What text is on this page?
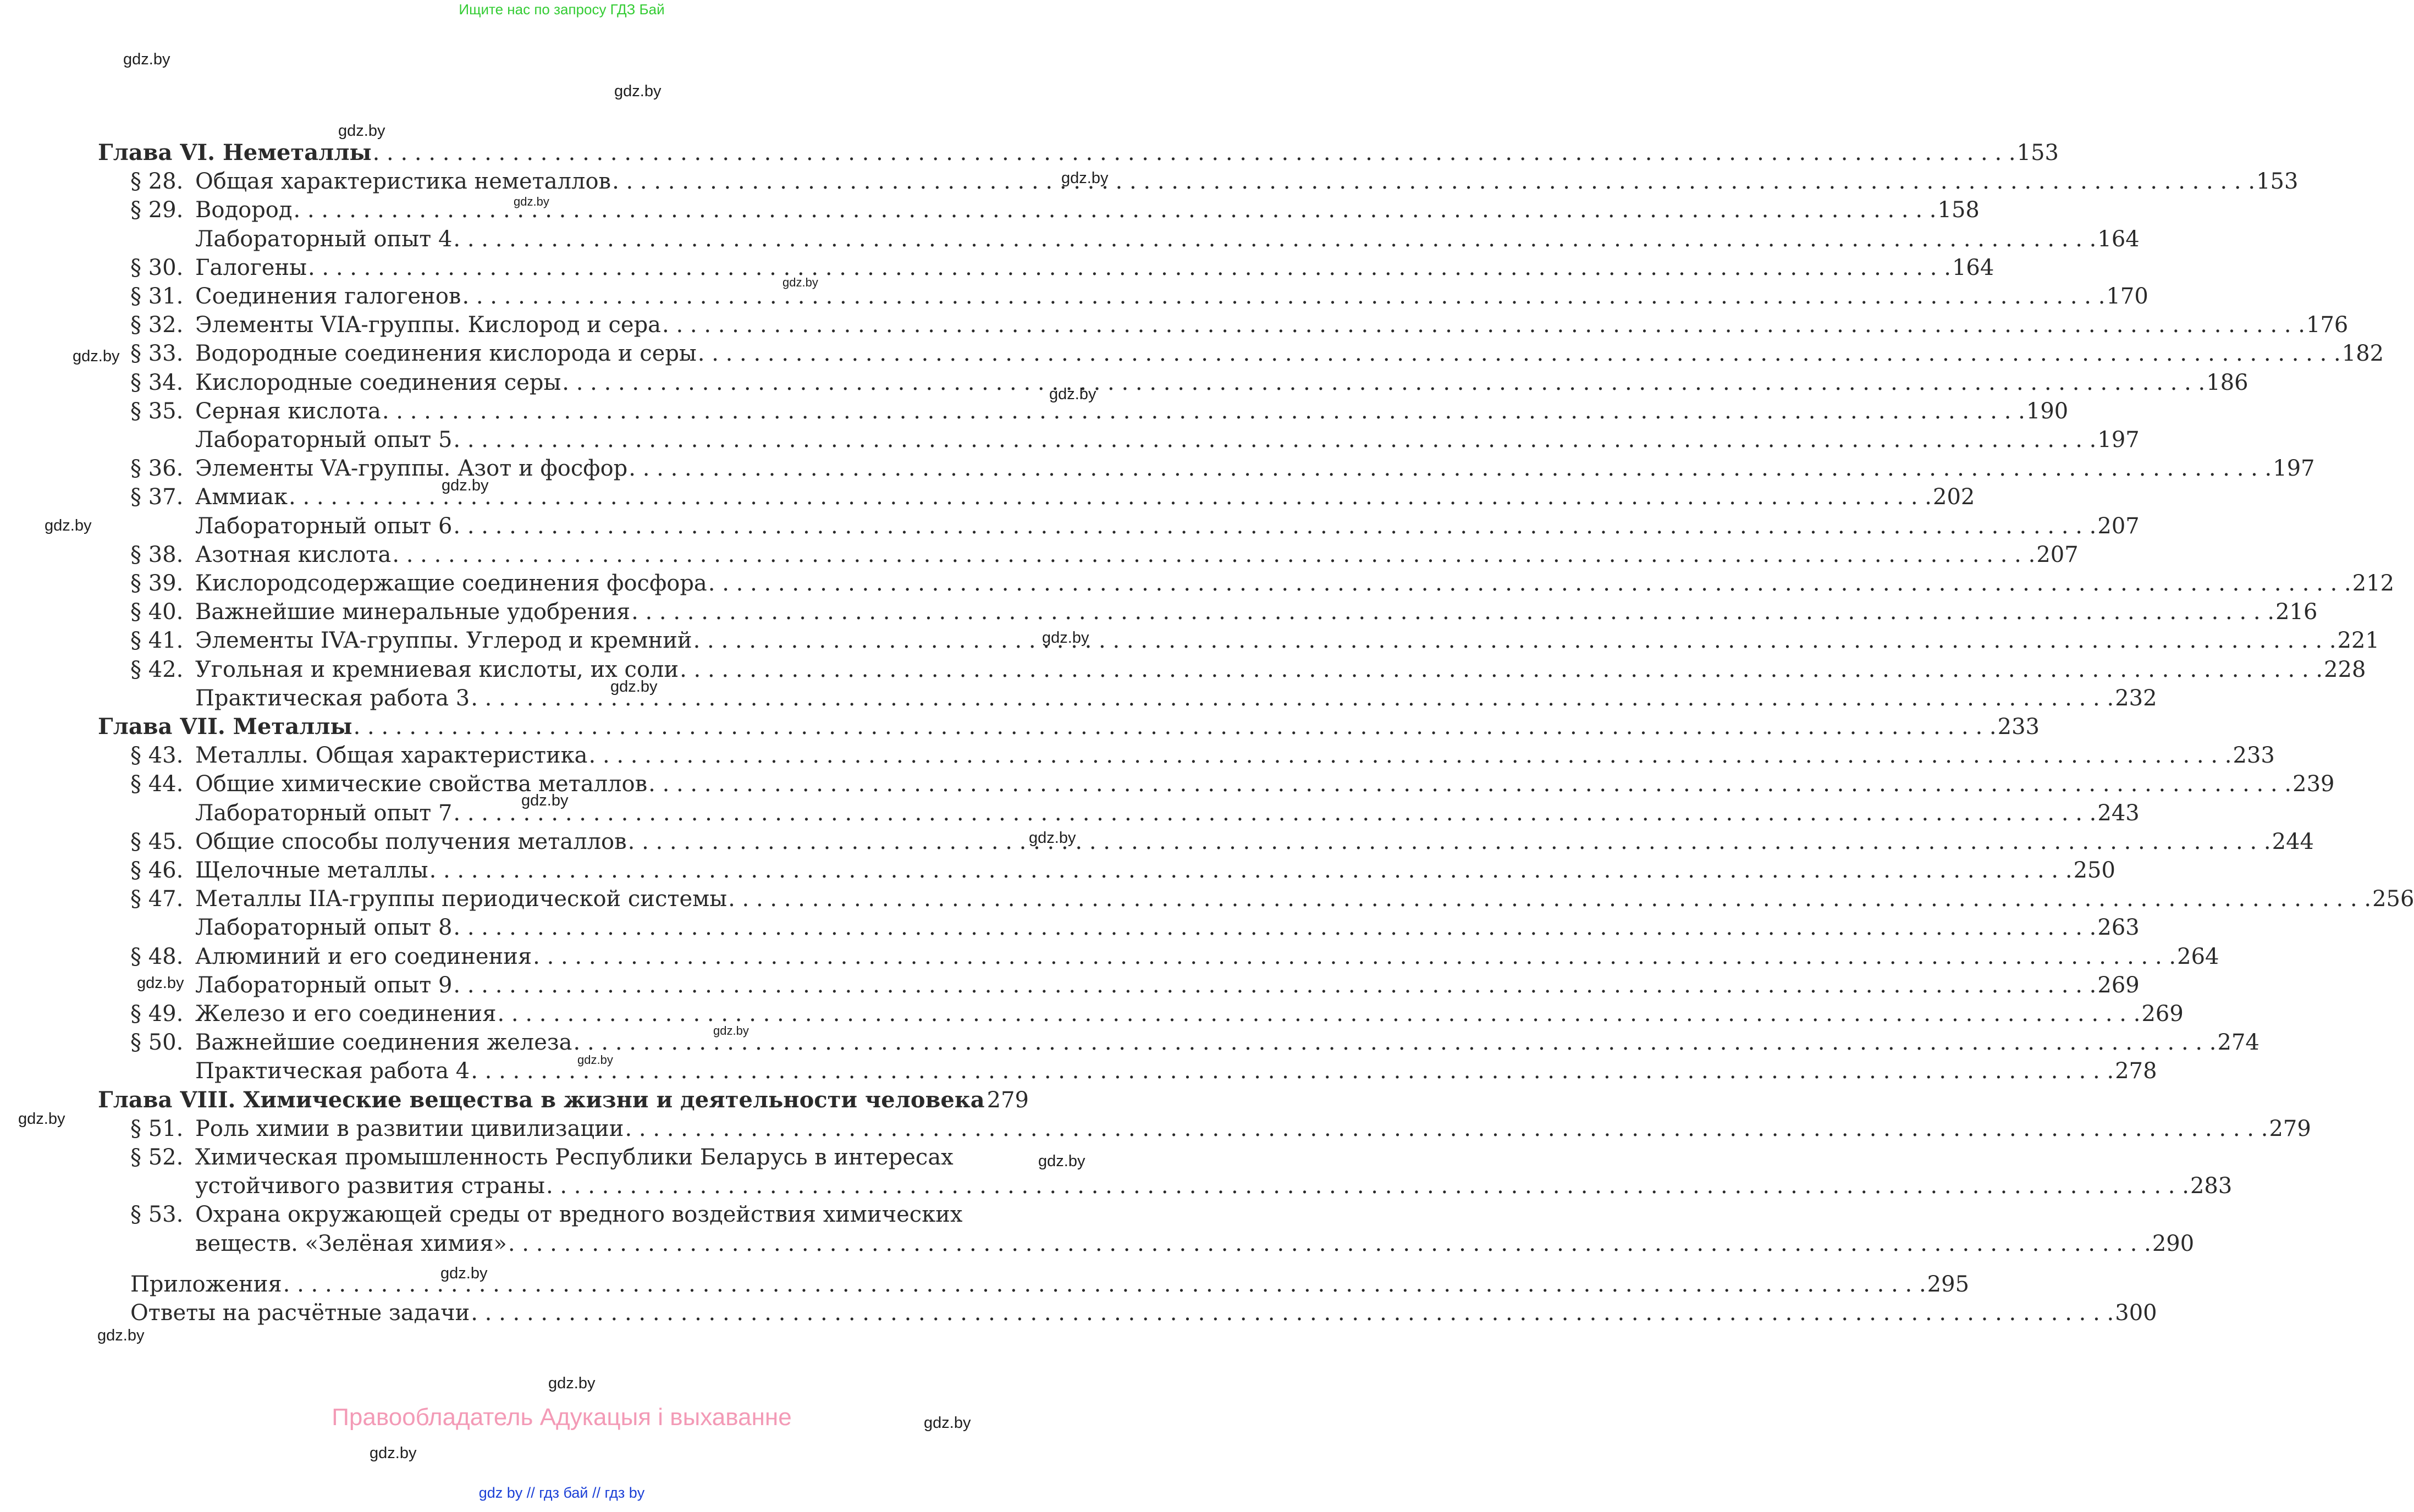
Ищите нас по запросу ГДЗ Бай
gdz.by
gdz.by
gdz.by
gdz.by
gdz.by
gdz.by
gdz.by
gdz.by
gdz.by
gdz.by
gdz.by
gdz.by
gdz.by
gdz.by
gdz.by
gdz.by
gdz.by
gdz.by
gdz.by
gdz.by
gdz.by
gdz.by
gdz.by
gdz.by
Глава VI. Неметаллы . . .	153
§ 28. Общая характеристика неметаллов . . .	153
§ 29. Водород . . .	158
Лабораторный опыт 4 . . .	164
§ 30. Галогены . . .	164
§ 31. Соединения галогенов . . .	170
§ 32. Элементы VIA-группы. Кислород и сера . . .	176
§ 33. Водородные соединения кислорода и серы . . .	182
§ 34. Кислородные соединения серы . . .	186
§ 35. Серная кислота . . .	190
Лабораторный опыт 5 . . .	197
§ 36. Элементы VA-группы. Азот и фосфор . . .	197
§ 37. Аммиак . . .	202
Лабораторный опыт 6 . . .	207
§ 38. Азотная кислота . . .	207
§ 39. Кислородсодержащие соединения фосфора . . .	212
§ 40. Важнейшие минеральные удобрения . . .	216
§ 41. Элементы IVA-группы. Углерод и кремний . . .	221
§ 42. Угольная и кремниевая кислоты, их соли . . .	228
Практическая работа 3 . . .	232
Глава VII. Металлы . . .	233
§ 43. Металлы. Общая характеристика . . .	233
§ 44. Общие химические свойства металлов . . .	239
Лабораторный опыт 7 . . .	243
§ 45. Общие способы получения металлов . . .	244
§ 46. Щелочные металлы . . .	250
§ 47. Металлы IIA-группы периодической системы . . .	256
Лабораторный опыт 8 . . .	263
§ 48. Алюминий и его соединения . . .	264
Лабораторный опыт 9 . . .	269
§ 49. Железо и его соединения . . .	269
§ 50. Важнейшие соединения железа . . .	274
Практическая работа 4 . . .	278
Глава VIII. Химические вещества в жизни и деятельности человека 279
§ 51. Роль химии в развитии цивилизации . . .	279
§ 52. Химическая промышленность Республики Беларусь в интересах
устойчивого развития страны . . .	283
§ 53. Охрана окружающей среды от вредного воздействия химических
веществ. «Зелёная химия» . . .	290
Приложения . . .	295
Ответы на расчётные задачи . . .	300
Правообладатель Адукацыя і выхаванне
gdz by // гдз бай // гдз by
